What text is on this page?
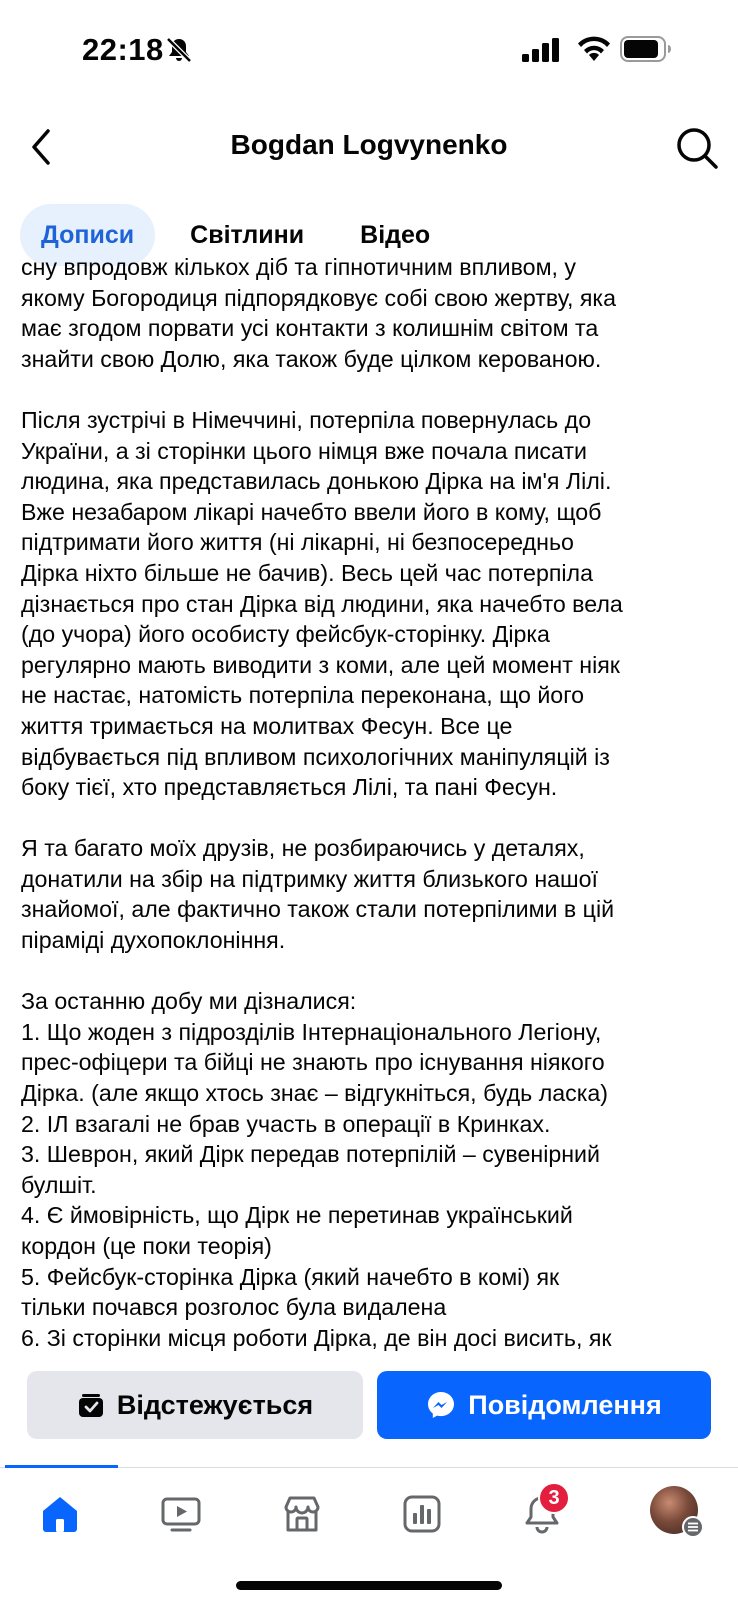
22:18
Bogdan Logvynenko
Дописи	Світлини	Відео
сну впродовж кількох діб та гіпнотичним впливом, у
якому Богородиця підпорядковує собі свою жертву, яка
має згодом порвати усі контакти з колишнім світом та
знайти свою Долю, яка також буде цілком керованою.
Після зустрічі в Німеччині, потерпіла повернулась до
України, а зі сторінки цього німця вже почала писати
людина, яка представилась донькою Дірка на ім'я Лілі.
Вже незабаром лікарі начебто ввели його в кому, щоб
підтримати його життя (ні лікарні, ні безпосередньо
Дірка ніхто більше не бачив). Весь цей час потерпіла
дізнається про стан Дірка від людини, яка начебто вела
(до учора) його особисту фейсбук-сторінку. Дірка
регулярно мають виводити з коми, але цей момент ніяк
не настає, натомість потерпіла переконана, що його
життя тримається на молитвах Фесун. Все це
відбувається під впливом психологічних маніпуляцій із
боку тієї, хто представляється Лілі, та пані Фесун.
Я та багато моїх друзів, не розбираючись у деталях,
донатили на збір на підтримку життя близького нашої
знайомої, але фактично також стали потерпілими в цій
піраміді духопоклоніння.
За останню добу ми дізналися:
1. Що жоден з підрозділів Інтернаціонального Легіону,
прес-офіцери та бійці не знають про існування ніякого
Дірка. (але якщо хтось знає – відгукніться, будь ласка)
2. ІЛ взагалі не брав участь в операції в Кринках.
3. Шеврон, який Дірк передав потерпілій – сувенірний
булшіт.
4. Є ймовірність, що Дірк не перетинав український
кордон (це поки теорія)
5. Фейсбук-сторінка Дірка (який начебто в комі) як
тільки почався розголос була видалена
6. Зі сторінки місця роботи Дірка, де він досі висить, як
Відстежується	Повідомлення
3
